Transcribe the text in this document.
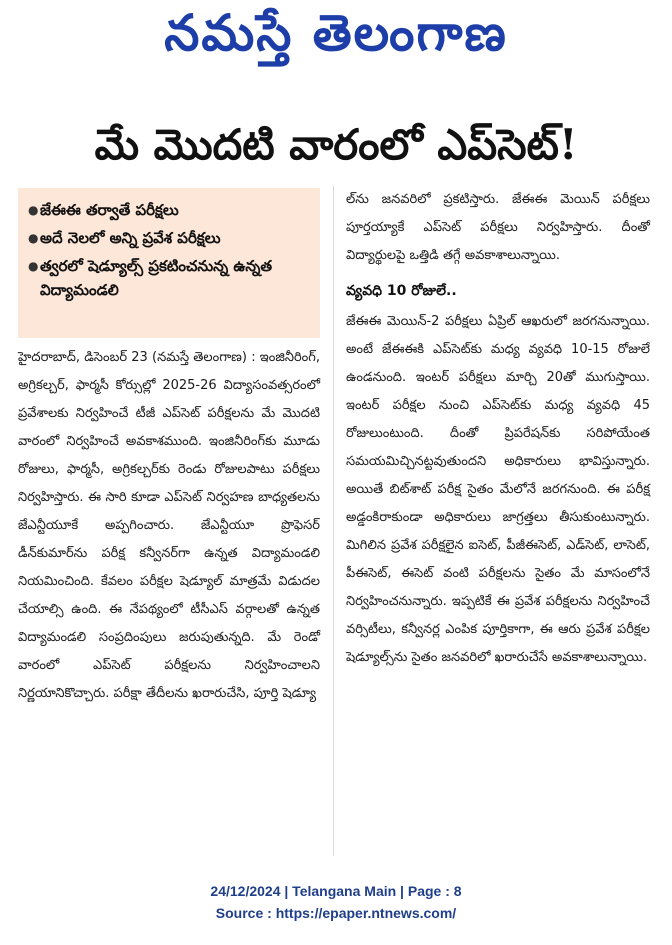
నమస్తే తెలంగాణ
మే మొదటి వారంలో ఎప్‌సెట్!
● జేఈఈ తర్వాతే పరీక్షలు
● అదే నెలలో అన్ని ప్రవేశ పరీక్షలు
● త్వరలో షెడ్యూల్స్ ప్రకటించనున్న ఉన్నత విద్యామండలి

హైదరాబాద్, డిసెంబర్ 23 (నమస్తే తెలంగాణ) : ఇంజినీరింగ్, అగ్రికల్చర్, ఫార్మసీ కోర్సుల్లో 2025-26 విద్యాసంవత్సరంలో ప్రవేశాలకు నిర్వహించే టీజీ ఎప్‌సెట్ పరీక్షలను మే మొదటి వారంలో నిర్వహించే అవకాశముంది. ఇంజినీరింగ్‌కు మూడు రోజులు, ఫార్మసీ, అగ్రికల్చర్‌కు రెండు రోజులపాటు పరీక్షలు నిర్వహిస్తారు. ఈ సారి కూడా ఎప్‌సెట్ నిర్వహణ బాధ్యతలను జేఎన్టీయూకే అప్పగించారు. జేఎన్టీయూ ప్రొఫెసర్ డీన్‌కుమార్‌ను పరీక్ష కన్వీనర్‌గా ఉన్నత విద్యామండలి నియమించింది. కేవలం పరీక్షల షెడ్యూల్ మాత్రమే విడుదల చేయాల్సి ఉంది. ఈ నేపథ్యంలో టీసీఎస్ వర్గాలతో ఉన్నత విద్యామండలి సంప్రదింపులు జరుపుతున్నది. మే రెండో వారంలో ఎప్‌సెట్ పరీక్షలను నిర్వహించాలని నిర్ణయానికొచ్చారు. పరీక్షా తేదీలను ఖరారుచేసి, పూర్తి షెడ్యూ

ల్‌ను జనవరిలో ప్రకటిస్తారు. జేఈఈ మెయిన్ పరీక్షలు పూర్తయ్యాకే ఎప్‌సెట్ పరీక్షలు నిర్వహిస్తారు. దీంతో విద్యార్థులపై ఒత్తిడి తగ్గే అవకాశాలున్నాయి.

వ్యవధి 10 రోజులే..

జేఈఈ మెయిన్-2 పరీక్షలు ఏప్రిల్ ఆఖరులో జరగనున్నాయి. అంటే జేఈఈకి ఎప్‌సెట్‌కు మధ్య వ్యవధి 10-15 రోజులే ఉండనుంది. ఇంటర్ పరీక్షలు మార్చి 20తో ముగుస్తాయి. ఇంటర్ పరీక్షల నుంచి ఎప్‌సెట్‌కు మధ్య వ్యవధి 45 రోజులుంటుంది. దీంతో ప్రిపరేషన్‌కు సరిపోయేంత సమయమిచ్చినట్టవుతుందని అధికారులు భావిస్తున్నారు. అయితే బిట్‌శాట్ పరీక్ష సైతం మేలోనే జరగనుంది. ఈ పరీక్ష అడ్డంకిరాకుండా అధికారులు జాగ్రత్తలు తీసుకుంటున్నారు. మిగిలిన ప్రవేశ పరీక్షలైన ఐసెట్, పీజీఈసెట్, ఎడ్‌సెట్, లాసెట్, పీఈసెట్, ఈసెట్ వంటి పరీక్షలను సైతం మే మాసంలోనే నిర్వహించనున్నారు. ఇప్పటికే ఈ ప్రవేశ పరీక్షలను నిర్వహించే వర్సిటీలు, కన్వీనర్ల ఎంపిక పూర్తికాగా, ఈ ఆరు ప్రవేశ పరీక్షల షెడ్యూల్స్‌ను సైతం జనవరిలో ఖరారుచేసే అవకాశాలున్నాయి.

24/12/2024 | Telangana Main | Page : 8
Source : https://epaper.ntnews.com/
